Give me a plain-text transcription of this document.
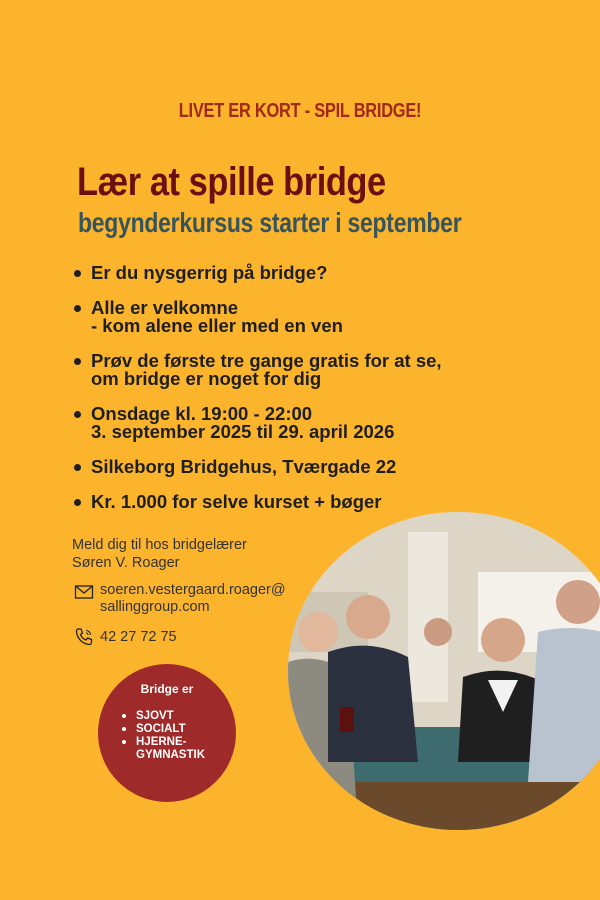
LIVET ER KORT - SPIL BRIDGE!
Lær at spille bridge
begynderkursus starter i september
Er du nysgerrig på bridge?
Alle er velkomne
- kom alene eller med en ven
Prøv de første tre gange gratis for at se,
om bridge er noget for dig
Onsdage kl. 19:00 - 22:00
3. september 2025 til 29. april 2026
Silkeborg Bridgehus, Tværgade 22
Kr. 1.000 for selve kurset + bøger
Meld dig til hos bridgelærer
Søren V. Roager
soeren.vestergaard.roager@
sallinggroup.com
42 27 72 75
Bridge er
SJOVT
SOCIALT
HJERNE-
GYMNASTIK
